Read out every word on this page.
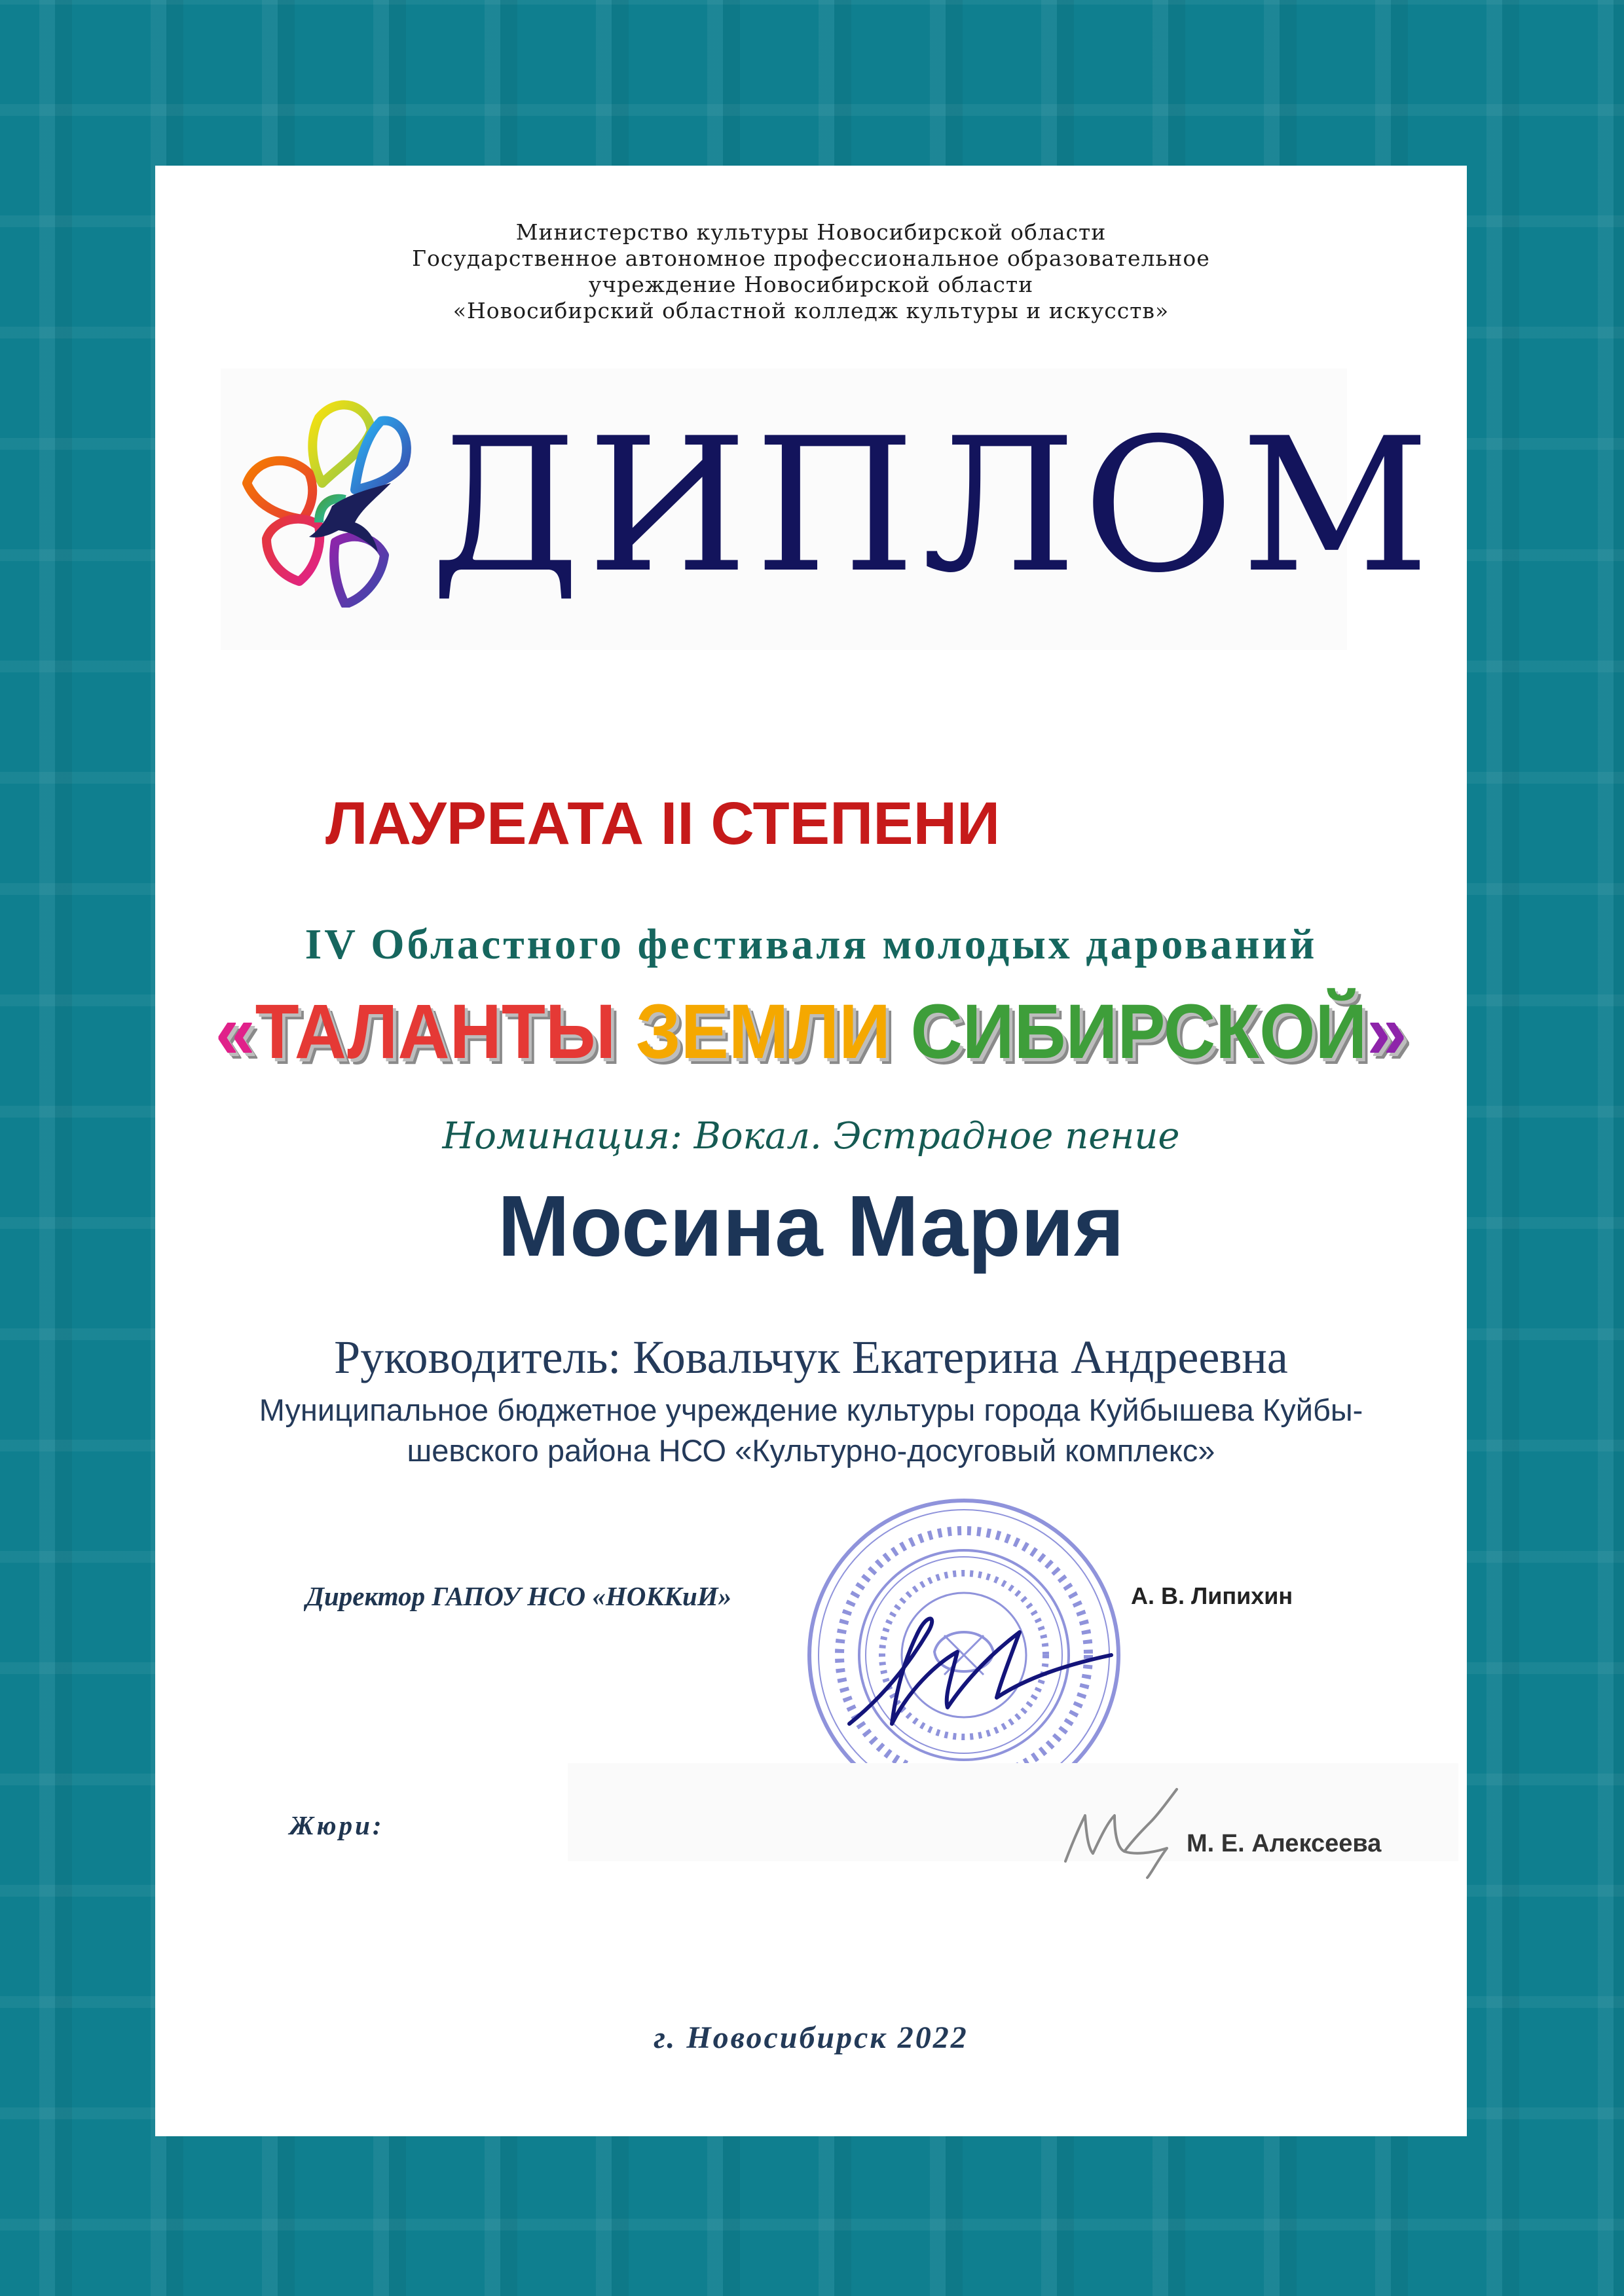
Министерство культуры Новосибирской области
Государственное автономное профессиональное образовательное
учреждение Новосибирской области
«Новосибирский областной колледж культуры и искусств»
ДИПЛОМ
ЛАУРЕАТА II СТЕПЕНИ
IV Областного фестиваля молодых дарований
«ТАЛАНТЫ ЗЕМЛИ СИБИРСКОЙ»
Номинация: Вокал. Эстрадное пение
Мосина Мария
Руководитель: Ковальчук Екатерина Андреевна
Муниципальное бюджетное учреждение культуры города Куйбышева Куйбы-
шевского района НСО «Культурно-досуговый комплекс»
Директор ГАПОУ НСО «НОККиИ»	А. В. Липихин
Жюри:
М. Е. Алексеева
г. Новосибирск 2022
